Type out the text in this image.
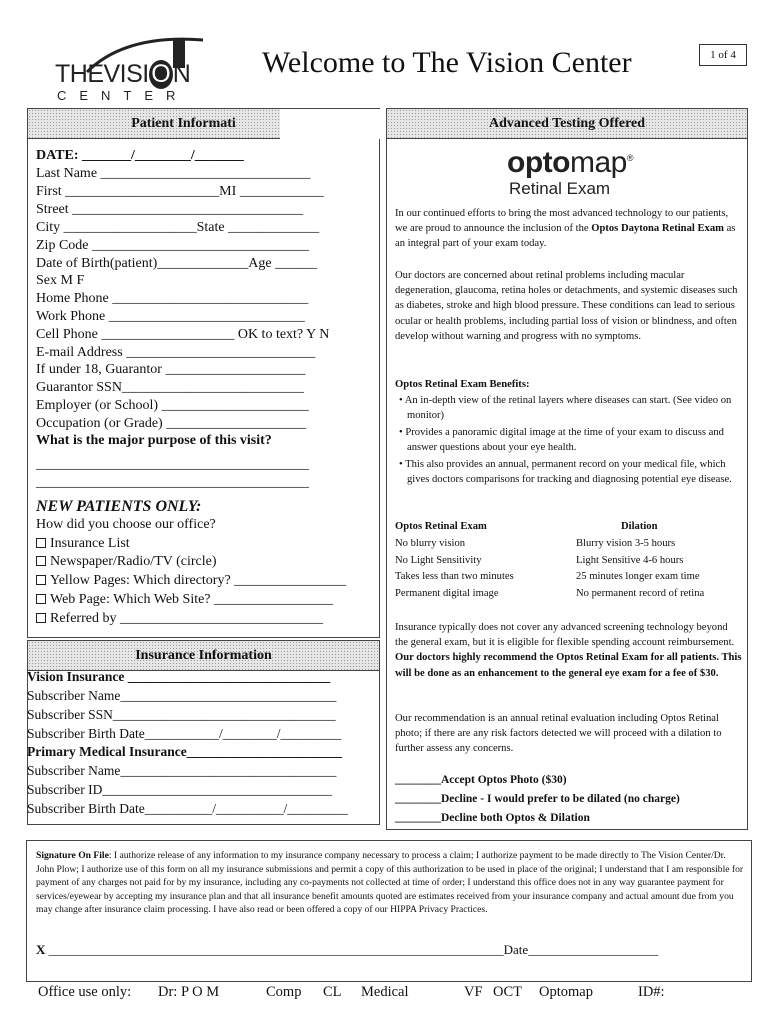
THEVISI O N
CENTER
Welcome to The Vision Center	1 of 4
Patient Informati
DATE: _______/________/_______
Last Name ______________________________
First ______________________MI ____________
Street _________________________________
City ___________________State _____________
Zip Code _______________________________
Date of Birth(patient)_____________Age ______
Sex M F
Home Phone ____________________________
Work Phone ____________________________
Cell Phone ___________________ OK to text? Y N
E-mail Address ___________________________
If under 18, Guarantor ____________________
Guarantor SSN__________________________
Employer (or School) _____________________
Occupation (or Grade) ____________________
What is the major purpose of this visit?
_______________________________________
_______________________________________
NEW PATIENTS ONLY:
How did you choose our office?
Insurance List
Newspaper/Radio/TV (circle)
Yellow Pages: Which directory? ________________
Web Page: Which Web Site? _________________
Referred by _____________________________
Insurance Information
Vision Insurance ______________________________
Subscriber Name________________________________
Subscriber SSN_________________________________
Subscriber Birth Date___________/________/_________
Primary Medical Insurance_______________________
Subscriber Name________________________________
Subscriber ID__________________________________
Subscriber Birth Date__________/__________/_________
Advanced Testing Offered
optomap®
Retinal Exam
In our continued efforts to bring the most advanced technology to our patients, we are proud to announce the inclusion of the Optos Daytona Retinal Exam as an integral part of your exam today.
Our doctors are concerned about retinal problems including macular degeneration, glaucoma, retina holes or detachments, and systemic diseases such as diabetes, stroke and high blood pressure. These conditions can lead to serious ocular or health problems, including partial loss of vision or blindness, and often develop without warning and progress with no symptoms.
Optos Retinal Exam Benefits:
• An in-depth view of the retinal layers where diseases can start. (See video on monitor)
• Provides a panoramic digital image at the time of your exam to discuss and answer questions about your eye health.
• This also provides an annual, permanent record on your medical file, which gives doctors comparisons for tracking and diagnosing potential eye disease.
Optos Retinal Exam	Dilation
No blurry vision	Blurry vision 3-5 hours
No Light Sensitivity	Light Sensitive 4-6 hours
Takes less than two minutes	25 minutes longer exam time
Permanent digital image	No permanent record of retina
Insurance typically does not cover any advanced screening technology beyond the general exam, but it is eligible for flexible spending account reimbursement. Our doctors highly recommend the Optos Retinal Exam for all patients. This will be done as an enhancement to the general eye exam for a fee of $30.
Our recommendation is an annual retinal evaluation including Optos Retinal photo; if there are any risk factors detected we will proceed with a dilation to further assess any concerns.
________Accept Optos Photo ($30)
________Decline - I would prefer to be dilated (no charge)
________Decline both Optos & Dilation
Signature On File: I authorize release of any information to my insurance company necessary to process a claim; I authorize payment to be made directly to The Vision Center/Dr. John Plow; I authorize use of this form on all my insurance submissions and permit a copy of this authorization to be used in place of the original; I understand that I am responsible for payment of any charges not paid for by my insurance, including any co-payments not collected at time of order; I understand this office does not in any way guarantee payment for services/eyewear by accepting my insurance plan and that all insurance benefit amounts quoted are estimates received from your insurance company and actual amount due from you may change after insurance claim processing. I have also read or been offered a copy of our HIPPA Privacy Practices.
X ______________________________________________________________________Date____________________
Office use only: Dr: P O M	Comp CL Medical	VF OCT Optomap	ID#:
